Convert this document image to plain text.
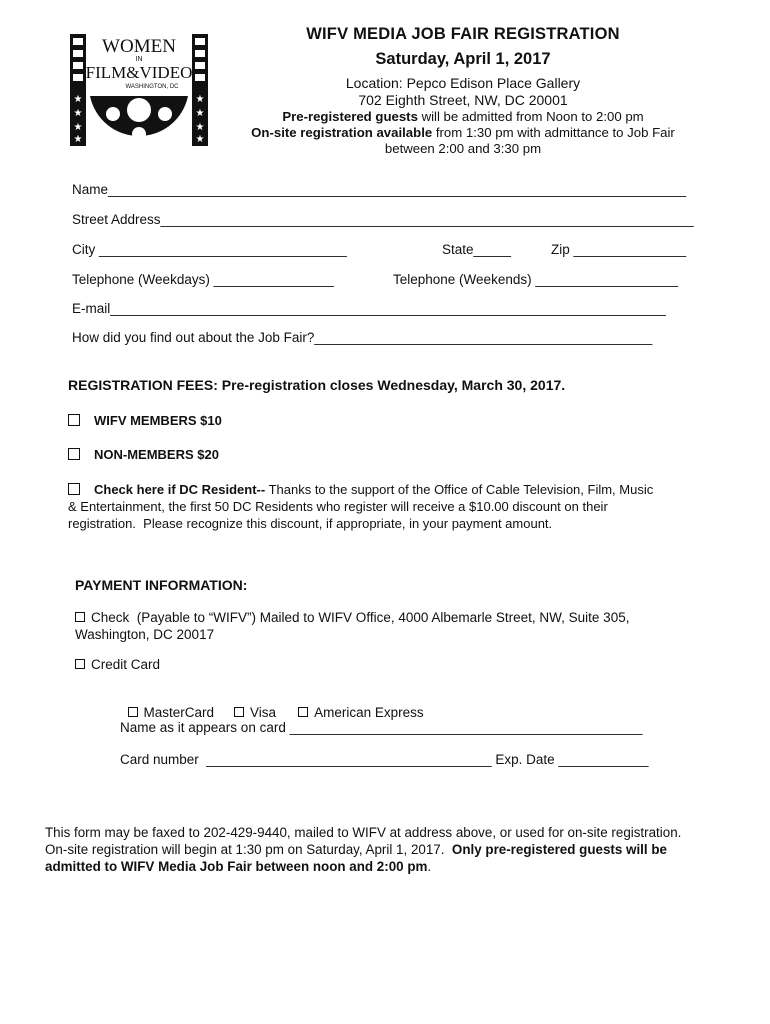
★
★
★
★
★
★
★
★
WOMEN
IN
FILM&VIDEO
WASHINGTON, DC
WIFV MEDIA JOB FAIR REGISTRATION
Saturday, April 1, 2017
Location: Pepco Edison Place Gallery
702 Eighth Street, NW, DC 20001
Pre-registered guests will be admitted from Noon to 2:00 pm
On-site registration available from 1:30 pm with admittance to Job Fair
between 2:00 and 3:30 pm
Name_____________________________________________________________________________
Street Address_______________________________________________________________________
City _________________________________	State_____	Zip _______________
Telephone (Weekdays) ________________	Telephone (Weekends) ___________________
E-mail__________________________________________________________________________
How did you find out about the Job Fair?_____________________________________________
REGISTRATION FEES: Pre-registration closes Wednesday, March 30, 2017.
WIFV MEMBERS $10
NON-MEMBERS $20
Check here if DC Resident-- Thanks to the support of the Office of Cable Television, Film, Music
& Entertainment, the first 50 DC Residents who register will receive a $10.00 discount on their
registration.  Please recognize this discount, if appropriate, in your payment amount.
PAYMENT INFORMATION:
Check  (Payable to “WIFV”) Mailed to WIFV Office, 4000 Albemarle Street, NW, Suite 305,
Washington, DC 20017
Credit Card

MasterCard	Visa	American Express

Name as it appears on card _______________________________________________
Card number  ______________________________________ Exp. Date ____________
This form may be faxed to 202-429-9440, mailed to WIFV at address above, or used for on-site registration.
On-site registration will begin at 1:30 pm on Saturday, April 1, 2017.  Only pre-registered guests will be
admitted to WIFV Media Job Fair between noon and 2:00 pm.
